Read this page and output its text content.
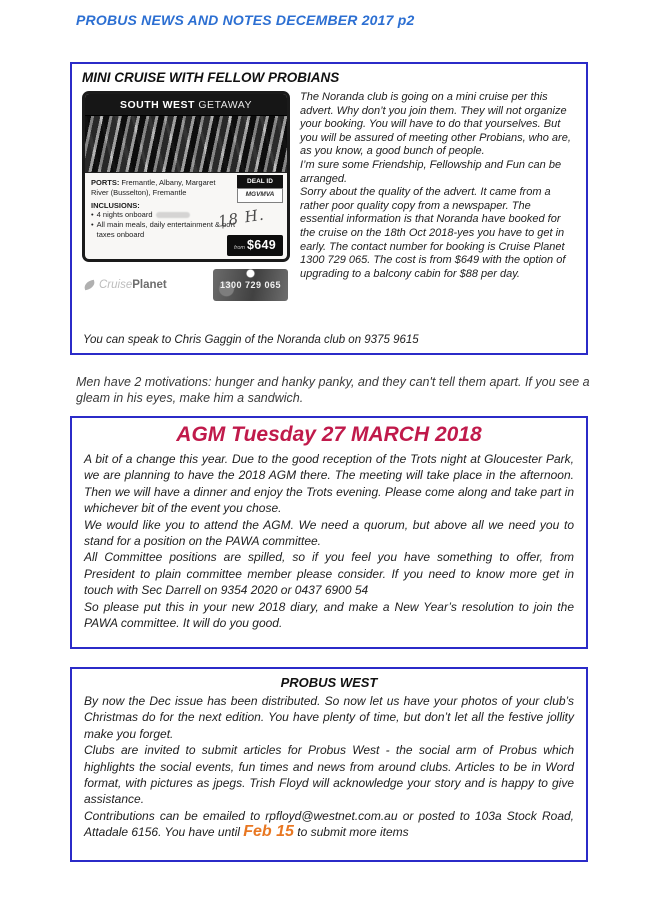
PROBUS NEWS AND NOTES DECEMBER 2017 p2
MINI CRUISE WITH FELLOW PROBIANS
SOUTH WEST GETAWAY
PORTS: Fremantle, Albany, Margaret River (Busselton), Fremantle
INCLUSIONS:
• 4 nights onboard
• All main meals, daily entertainment & port taxes onboard
DEAL ID
MGVMVA
18 H.
from $649
CruisePlanet	1300 729 065

The Noranda club is going on a mini cruise per this advert. Why don’t you join them. They will not organize your booking. You will have to do that yourselves. But you will be assured of meeting other Probians, who are, as you know, a good bunch of people.

I’m sure some Friendship, Fellowship and Fun can be arranged.

Sorry about the quality of the advert. It came from a rather poor quality copy from a newspaper. The essential information is that Noranda have booked for the cruise on the 18th Oct 2018-yes you have to get in early. The contact number for booking is Cruise Planet 1300 729 065. The cost is from $649 with the option of upgrading to a balcony cabin for $88 per day.

You can speak to Chris Gaggin of the Noranda club on 9375 9615
Men have 2 motivations: hunger and hanky panky, and they can't tell them apart. If you see a gleam in his eyes, make him a sandwich.
AGM Tuesday 27 MARCH 2018

A bit of a change this year. Due to the good reception of the Trots night at Gloucester Park, we are planning to have the 2018 AGM there. The meeting will take place in the afternoon. Then we will have a dinner and enjoy the Trots evening. Please come along and take part in whichever bit of the event you chose.

We would like you to attend the AGM. We need a quorum, but above all we need you to stand for a position on the PAWA committee.

All Committee positions are spilled, so if you feel you have something to offer, from President to plain committee member please consider. If you need to know more get in touch with Sec Darrell on 9354 2020 or 0437 6900 54

So please put this in your new 2018 diary, and make a New Year’s resolution to join the PAWA committee. It will do you good.

PROBUS WEST

By now the Dec issue has been distributed. So now let us have your photos of your club’s Christmas do for the next edition. You have plenty of time, but don’t let all the festive jollity make you forget.

Clubs are invited to submit articles for Probus West - the social arm of Probus which highlights the social events, fun times and news from around clubs. Articles to be in Word format, with pictures as jpegs. Trish Floyd will acknowledge your story and is happy to give assistance.

Contributions can be emailed to rpfloyd@westnet.com.au or posted to 103a Stock Road, Attadale 6156. You have until Feb 15 to submit more items
